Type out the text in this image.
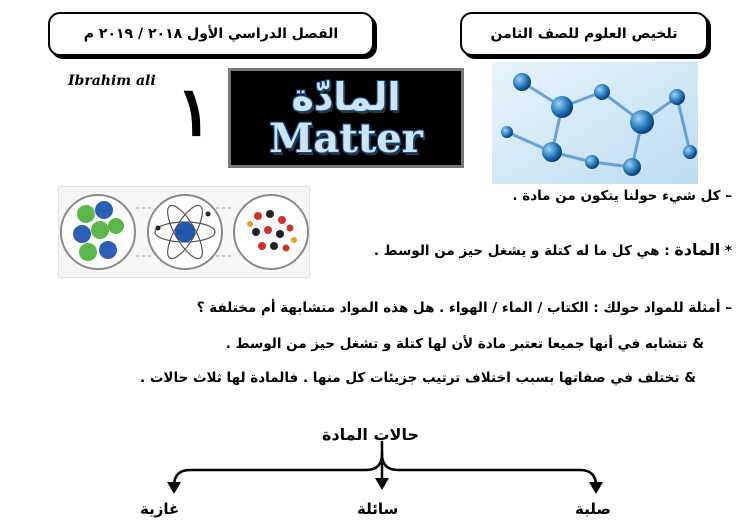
تلخيص العلوم للصف الثامن
الفصل الدراسي الأول ٢٠١٨ / ٢٠١٩ م
Ibrahim ali ١ المادّة
Matter
– كل شيء حولنا يتكون من مادة .
* المادة : هي كل ما له كتلة و يشغل حيز من الوسط .
– أمثلة للمواد حولك : الكتاب / الماء / الهواء . هل هذه المواد متشابهة أم مختلفة ؟
& تتشابه في أنها جميعا تعتبر مادة لأن لها كتلة و تشغل حيز من الوسط .
& تختلف في صفاتها بسبب اختلاف ترتيب جزيئات كل منها . فالمادة لها ثلاث حالات .
حالات المادة
غازية	سائلة	صلبة
